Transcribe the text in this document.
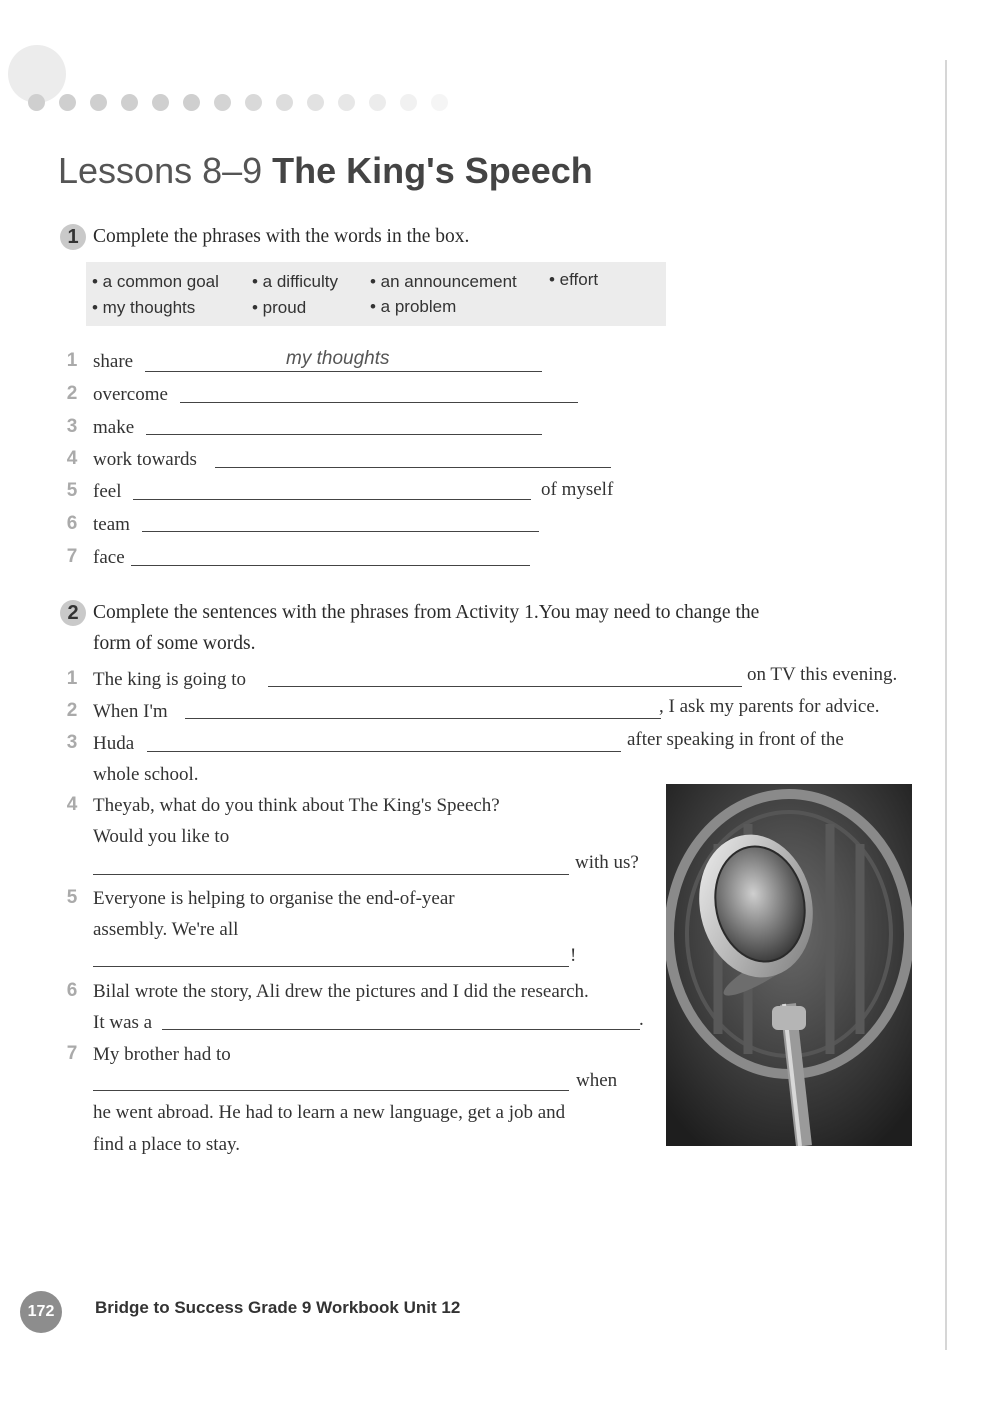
Lessons 8–9 The King's Speech
1 Complete the phrases with the words in the box.
• a common goal • a difficulty • an announcement • effort
• my thoughts	• proud	• a problem
1 share	my thoughts
2 overcome
3 make
4 work towards
5 feel	of myself
6 team
7 face
2 Complete the sentences with the phrases from Activity 1.You may need to change the
form of some words.
1 The king is going to	on TV this evening.
2 When I'm	, I ask my parents for advice.
3 Huda	after speaking in front of the
whole school.
4 Theyab, what do you think about The King's Speech?
Would you like to
with us?
5 Everyone is helping to organise the end-of-year
assembly. We're all
!
6 Bilal wrote the story, Ali drew the pictures and I did the research.
It was a	.
7 My brother had to
when
he went abroad. He had to learn a new language, get a job and
find a place to stay.
172	Bridge to Success Grade 9 Workbook Unit 12
